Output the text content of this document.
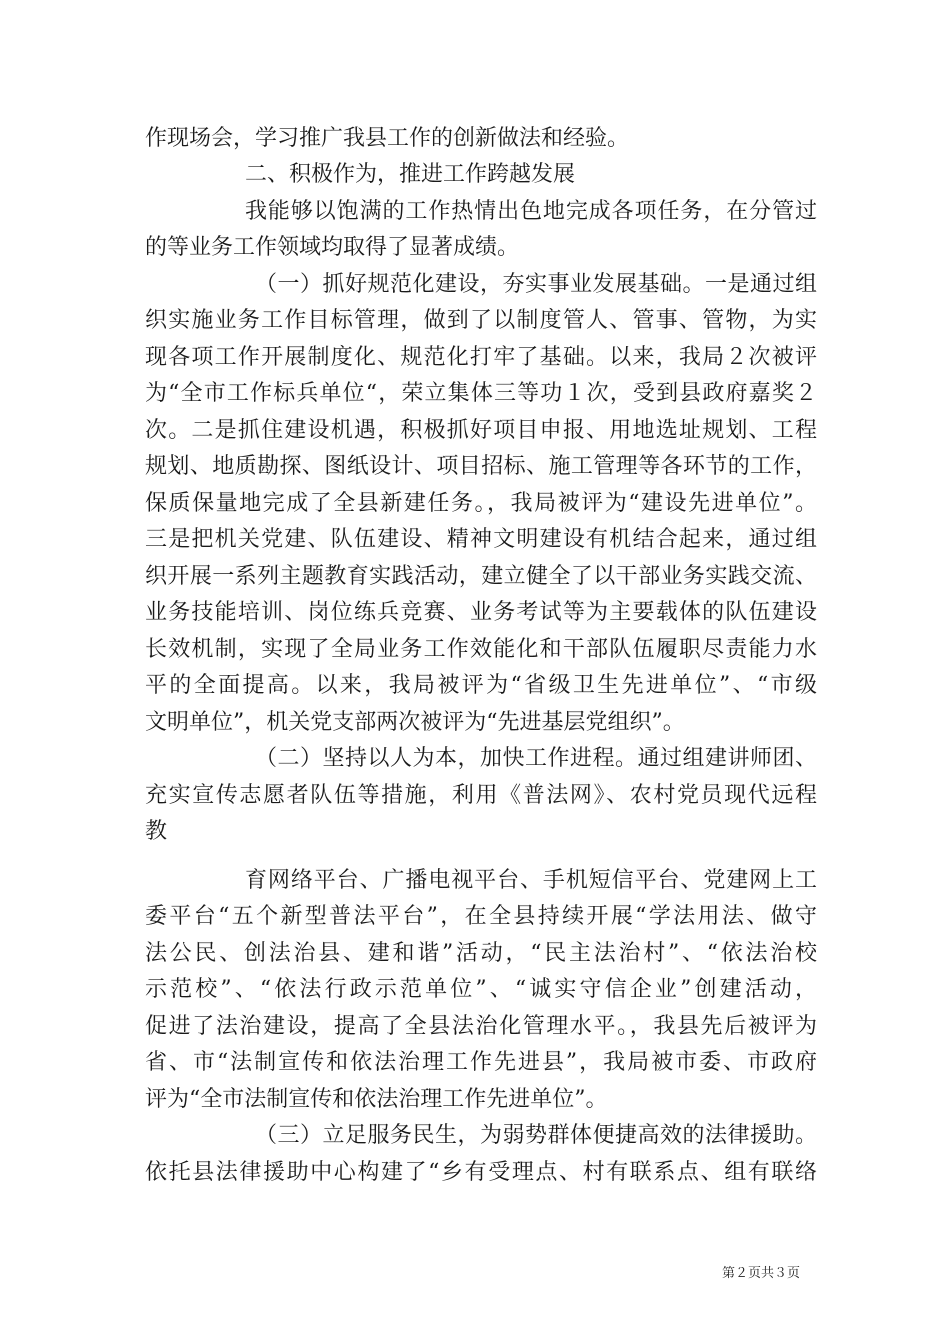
作现场会，学习推广我县工作的创新做法和经验。

二、积极作为，推进工作跨越发展

我能够以饱满的工作热情出色地完成各项任务，在分管过

的等业务工作领域均取得了显著成绩。

（一）抓好规范化建设，夯实事业发展基础。一是通过组

织实施业务工作目标管理，做到了以制度管人、管事、管物，为实

现各项工作开展制度化、规范化打牢了基础。以来，我局２次被评

为“全市工作标兵单位“，荣立集体三等功１次，受到县政府嘉奖２

次。二是抓住建设机遇，积极抓好项目申报、用地选址规划、工程

规划、地质勘探、图纸设计、项目招标、施工管理等各环节的工作，

保质保量地完成了全县新建任务。，我局被评为“建设先进单位”。

三是把机关党建、队伍建设、精神文明建设有机结合起来，通过组

织开展一系列主题教育实践活动，建立健全了以干部业务实践交流、

业务技能培训、岗位练兵竞赛、业务考试等为主要载体的队伍建设

长效机制，实现了全局业务工作效能化和干部队伍履职尽责能力水

平的全面提高。以来，我局被评为“省级卫生先进单位”、“市级

文明单位”，机关党支部两次被评为“先进基层党组织”。

（二）坚持以人为本，加快工作进程。通过组建讲师团、

充实宣传志愿者队伍等措施，利用《普法网》、农村党员现代远程

教

育网络平台、广播电视平台、手机短信平台、党建网上工

委平台“五个新型普法平台”，在全县持续开展“学法用法、做守

法公民、创法治县、建和谐”活动，“民主法治村”、“依法治校

示范校”、“依法行政示范单位”、“诚实守信企业”创建活动，

促进了法治建设，提高了全县法治化管理水平。，我县先后被评为

省、市“法制宣传和依法治理工作先进县”，我局被市委、市政府

评为“全市法制宣传和依法治理工作先进单位”。

（三）立足服务民生，为弱势群体便捷高效的法律援助。

依托县法律援助中心构建了“乡有受理点、村有联系点、组有联络

第２页共３页
